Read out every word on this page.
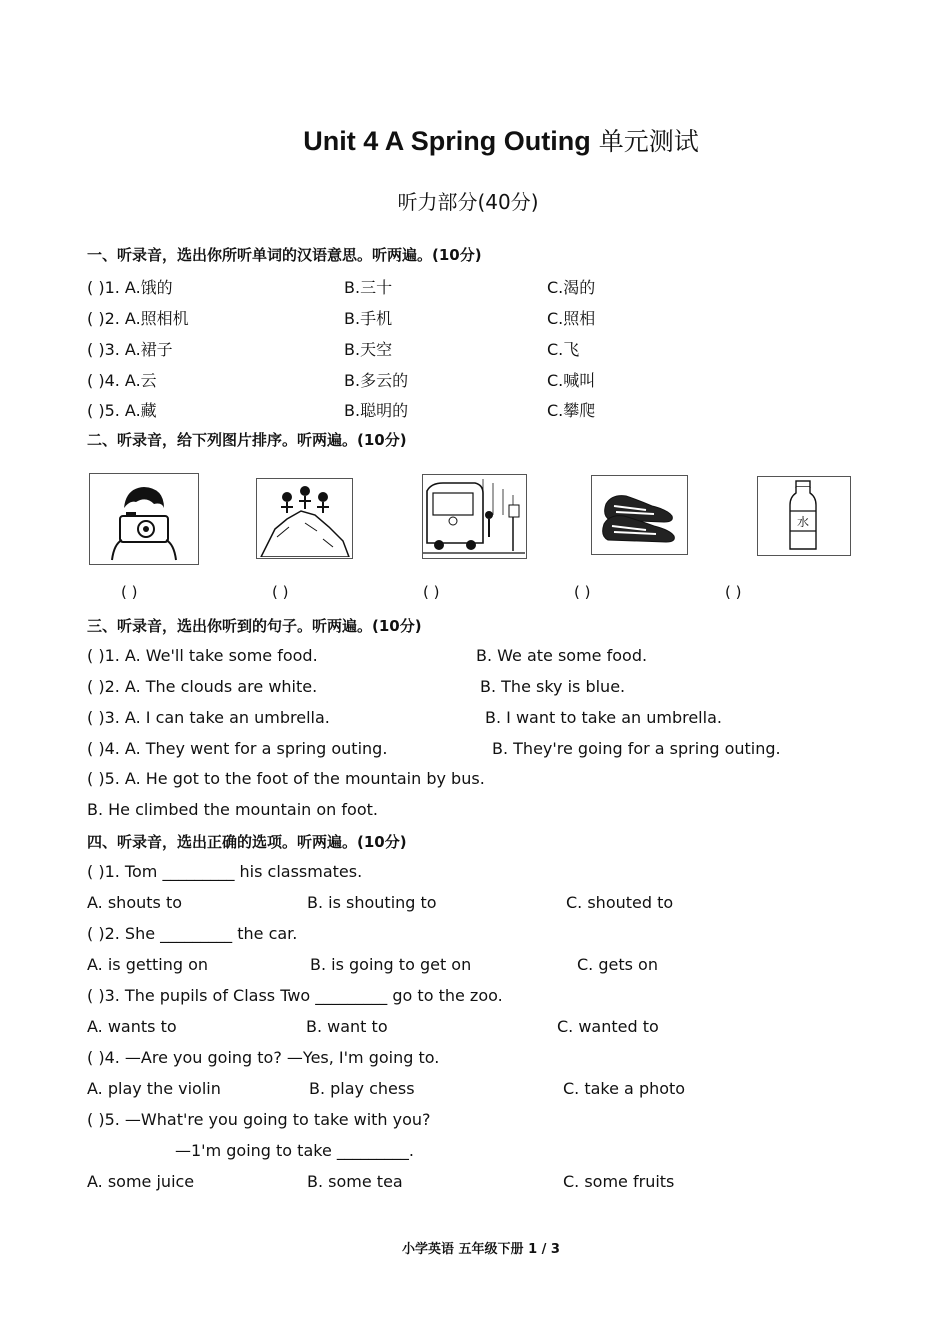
Unit 4 A Spring Outing 单元测试
听力部分(40分)
一、听录音，选出你所听单词的汉语意思。听两遍。(10分)
( )1. A.饿的	B.三十	C.渴的
( )2. A.照相机	B.手机	C.照相
( )3. A.裙子	B.天空	C.飞
( )4. A.云	B.多云的	C.喊叫
( )5. A.藏	B.聪明的	C.攀爬
二、听录音，给下列图片排序。听两遍。(10分)
水
( )	( )	( )	( )	( )
三、听录音，选出你听到的句子。听两遍。(10分)
( )1. A. We'll take some food.	B. We ate some food.
( )2. A. The clouds are white.	B. The sky is blue.
( )3. A. I can take an umbrella.	B. I want to take an umbrella.
( )4. A. They went for a spring outing.	B. They're going for a spring outing.
( )5. A. He got to the foot of the mountain by bus.
B. He climbed the mountain on foot.
四、听录音，选出正确的选项。听两遍。(10分)
( )1. Tom _________ his classmates.
A. shouts to	B. is shouting to	C. shouted to
( )2. She _________ the car.
A. is getting on	B. is going to get on	C. gets on
( )3. The pupils of Class Two _________ go to the zoo.
A. wants to	B. want to	C. wanted to
( )4. —Are you going to? —Yes, I'm going to.
A. play the violin	B. play chess	C. take a photo
( )5. —What're you going to take with you?
—1'm going to take _________.
A. some juice	B. some tea	C. some fruits
小学英语 五年级下册 1 / 3
